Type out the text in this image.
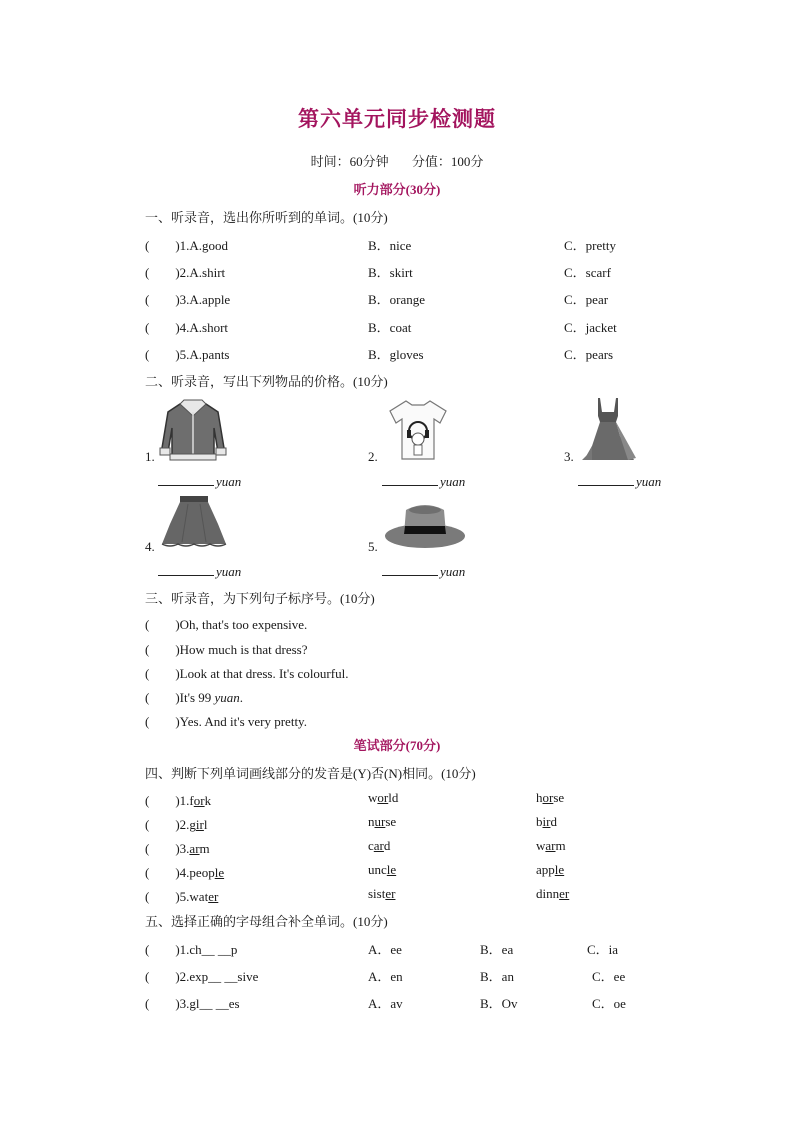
第六单元同步检测题
时间：60分钟 分值：100分
听力部分(30分)
一、听录音，选出你所听到的单词。(10分)
(　　)1.A.good	B．nice	C．pretty
(　　)2.A.shirt	B．skirt	C．scarf
(　　)3.A.apple	B．orange	C．pear
(　　)4.A.short	B．coat	C．jacket
(　　)5.A.pants	B．gloves	C．pears
二、听录音，写出下列物品的价格。(10分)
1.
yuan
2.
yuan
3.
yuan
4.
yuan
5.
yuan
三、听录音，为下列句子标序号。(10分)
(　　)Oh, that's too expensive.
(　　)How much is that dress?
(　　)Look at that dress. It's colourful.
(　　)It's 99 yuan.
(　　)Yes. And it's very pretty.
笔试部分(70分)
四、判断下列单词画线部分的发音是(Y)否(N)相同。(10分)
(　　)1.fork	world	horse
(　　)2.girl	nurse	bird
(　　)3.arm	card	warm
(　　)4.people	uncle	apple
(　　)5.water	sister	dinner
五、选择正确的字母组合补全单词。(10分)
(　　)1.ch__ __p	A．ee	B．ea	C．ia
(　　)2.exp__ __sive	A．en	B．an	C．ee
(　　)3.gl__ __es	A．av	B．Ov	C．oe
